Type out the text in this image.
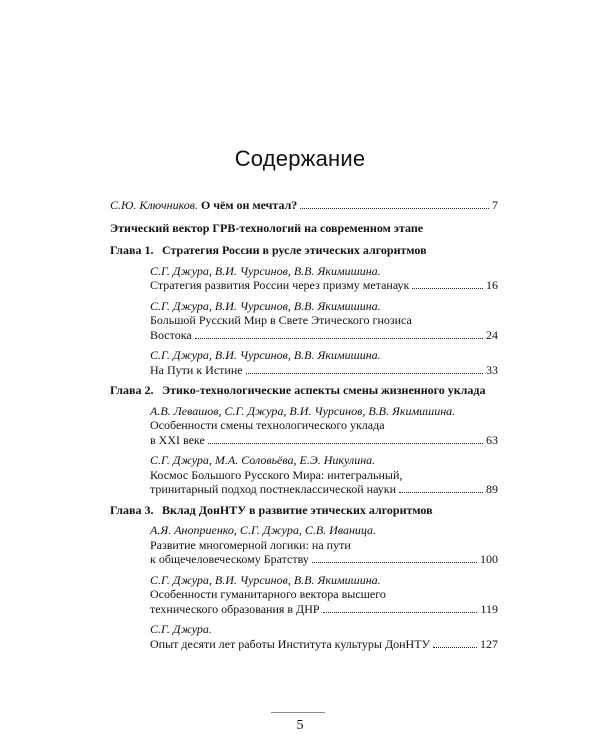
Содержание
С.Ю. Ключников.
О чём он мечтал?	7
Этический вектор ГРВ-технологий на современном этапе
Глава 1. Стратегия России в русле этических алгоритмов
С.Г. Джура, В.И. Чурсинов, В.В. Якимишина.
Стратегия развития России через призму метанаук	16
С.Г. Джура, В.И. Чурсинов, В.В. Якимишина.
Большой Русский Мир в Свете Этического гнозиса
Востока	24
С.Г. Джура, В.И. Чурсинов, В.В. Якимишина.
На Пути к Истине	33
Глава 2. Этико-технологические аспекты смены жизненного уклада
А.В. Левашов, С.Г. Джура, В.И. Чурсинов, В.В. Якимишина.
Особенности смены технологического уклада
в XXI веке	63
С.Г. Джура, М.А. Соловьёва, Е.Э. Никулина.
Космос Большого Русского Мира: интегральный,
тринитарный подход постнеклассической науки	89
Глава 3. Вклад ДонНТУ в развитие этических алгоритмов
А.Я. Аноприенко, С.Г. Джура, С.В. Иваница.
Развитие многомерной логики: на пути
к общечеловеческому Братству	100
С.Г. Джура, В.И. Чурсинов, В.В. Якимишина.
Особенности гуманитарного вектора высшего
технического образования в ДНР	119
С.Г. Джура.
Опыт десяти лет работы Института культуры ДонНТУ	127
5
